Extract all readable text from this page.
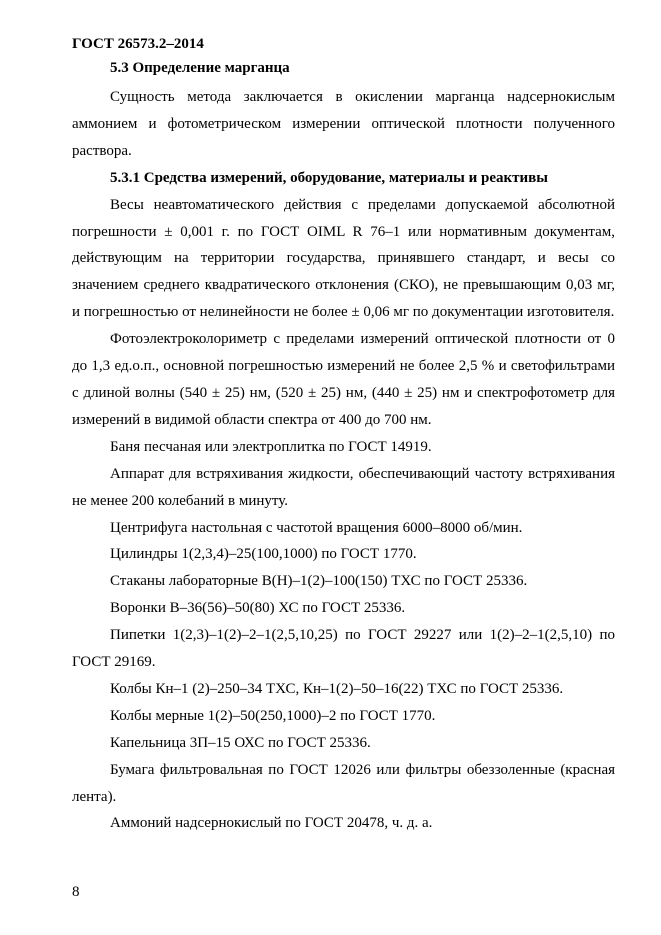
ГОСТ 26573.2–2014
5.3 Определение марганца

Сущность метода заключается в окислении марганца надсернокислым аммонием и фотометрическом измерении оптической плотности полученного раствора.

5.3.1 Средства измерений, оборудование, материалы и реактивы

Весы неавтоматического действия с пределами допускаемой абсолютной погрешности ± 0,001 г. по ГОСТ OIML R 76–1 или нормативным документам, действующим на территории государства, принявшего стандарт, и весы со значением среднего квадратического отклонения (СКО), не превышающим 0,03 мг, и погрешностью от нелинейности не более ± 0,06 мг по документации изготовителя.

Фотоэлектроколориметр с пределами измерений оптической плотности от 0 до 1,3 ед.о.п., основной погрешностью измерений не более 2,5 % и светофильтрами с длиной волны (540 ± 25) нм, (520 ± 25) нм, (440 ± 25) нм и спектрофотометр для измерений в видимой области спектра от 400 до 700 нм.

Баня песчаная или электроплитка по ГОСТ 14919.

Аппарат для встряхивания жидкости, обеспечивающий частоту встряхивания не менее 200 колебаний в минуту.

Центрифуга настольная с частотой вращения 6000–8000 об/мин.

Цилиндры 1(2,3,4)–25(100,1000) по ГОСТ 1770.

Стаканы лабораторные В(Н)–1(2)–100(150) ТХС по ГОСТ 25336.

Воронки В–36(56)–50(80) ХС по ГОСТ 25336.

Пипетки 1(2,3)–1(2)–2–1(2,5,10,25) по ГОСТ 29227 или 1(2)–2–1(2,5,10) по ГОСТ 29169.

Колбы Кн–1 (2)–250–34 ТХС, Кн–1(2)–50–16(22) ТХС по ГОСТ 25336.

Колбы мерные 1(2)–50(250,1000)–2 по ГОСТ 1770.

Капельница 3П–15 ОХС по ГОСТ 25336.

Бумага фильтровальная по ГОСТ 12026 или фильтры обеззоленные (красная лента).

Аммоний надсернокислый по ГОСТ 20478, ч. д. а.

8
